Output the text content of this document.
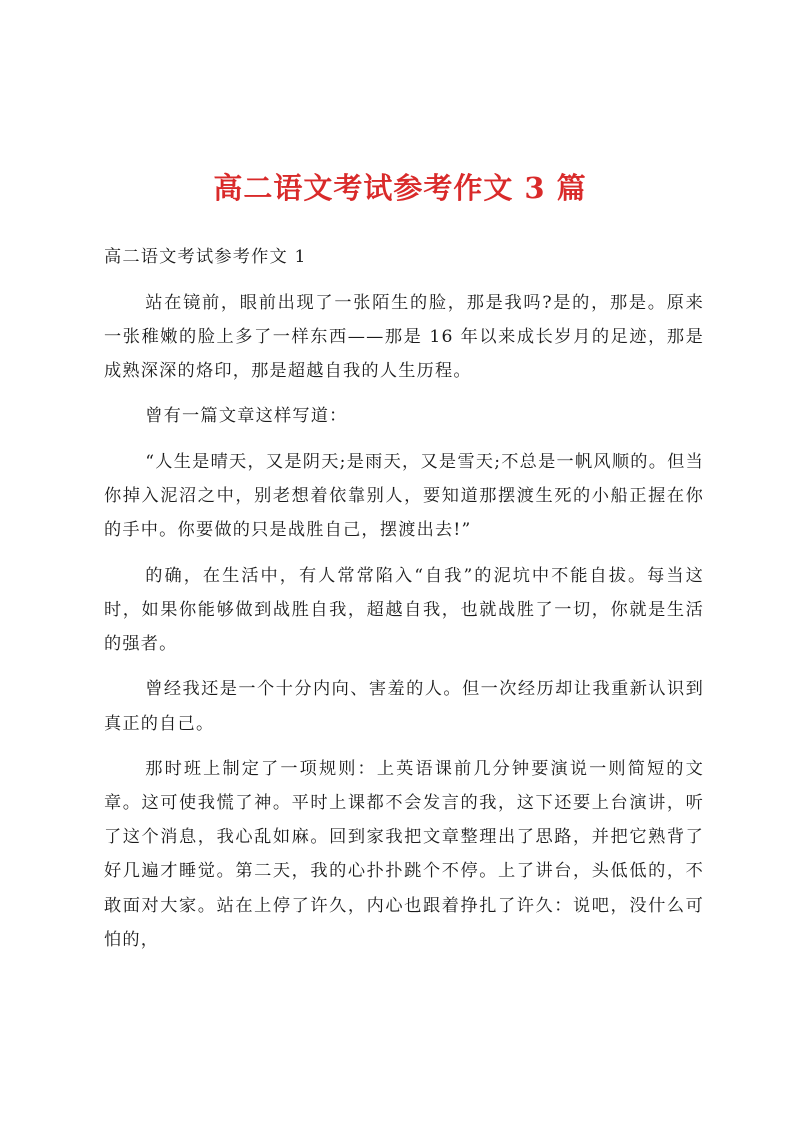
高二语文考试参考作文 3 篇
高二语文考试参考作文 1

站在镜前，眼前出现了一张陌生的脸，那是我吗?是的，那是。原来一张稚嫩的脸上多了一样东西——那是 16 年以来成长岁月的足迹，那是成熟深深的烙印，那是超越自我的人生历程。

曾有一篇文章这样写道：

“人生是晴天，又是阴天;是雨天，又是雪天;不总是一帆风顺的。但当你掉入泥沼之中，别老想着依靠别人，要知道那摆渡生死的小船正握在你的手中。你要做的只是战胜自己，摆渡出去!”

的确，在生活中，有人常常陷入“自我”的泥坑中不能自拔。每当这时，如果你能够做到战胜自我，超越自我，也就战胜了一切，你就是生活的强者。

曾经我还是一个十分内向、害羞的人。但一次经历却让我重新认识到真正的自己。

那时班上制定了一项规则：上英语课前几分钟要演说一则简短的文章。这可使我慌了神。平时上课都不会发言的我，这下还要上台演讲，听了这个消息，我心乱如麻。回到家我把文章整理出了思路，并把它熟背了好几遍才睡觉。第二天，我的心扑扑跳个不停。上了讲台，头低低的，不敢面对大家。站在上停了许久，内心也跟着挣扎了许久：说吧，没什么可怕的，
